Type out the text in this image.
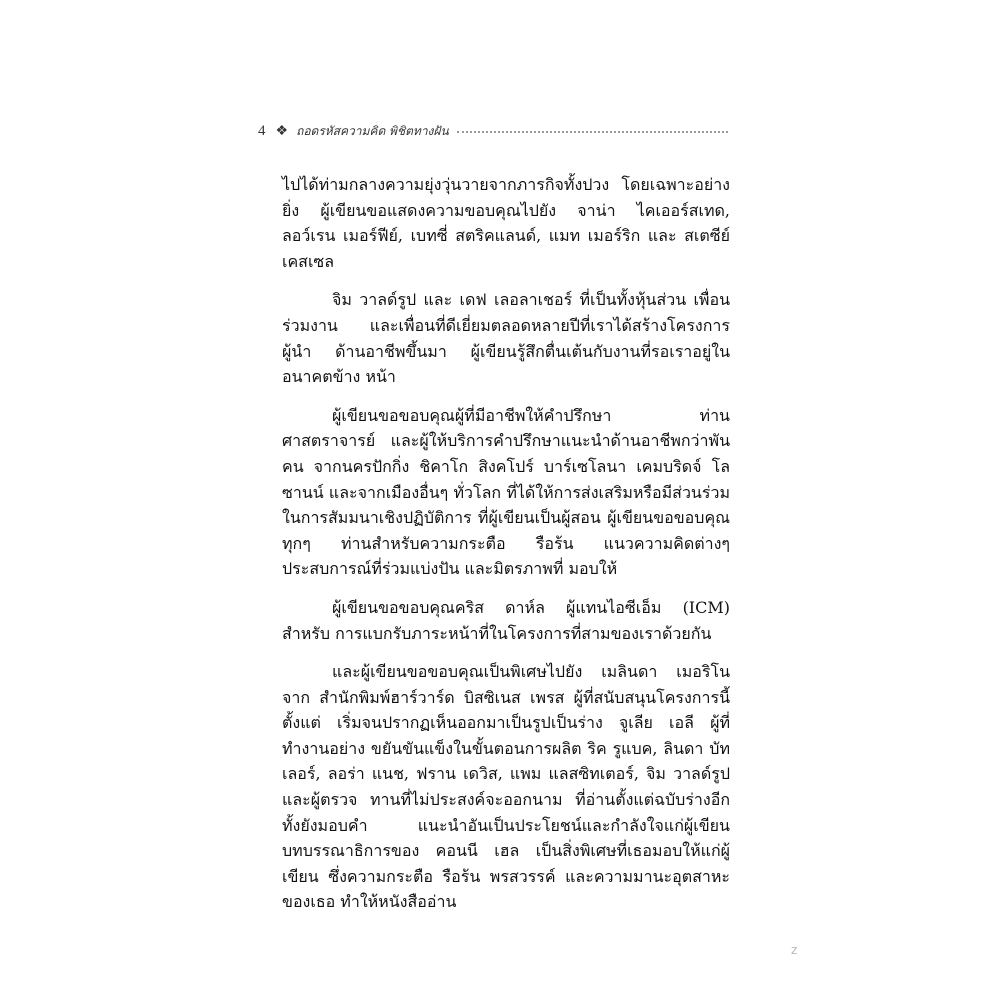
4 ❖ ถอดรหัสความคิด พิชิตทางฝัน

ไปได้ท่ามกลางความยุ่งวุ่นวายจากภารกิจทั้งปวง โดยเฉพาะอย่างยิ่ง ผู้เขียนขอแสดงความขอบคุณไปยัง จาน่า ไคเออร์สเทด, ลอว์เรน เมอร์ฟีย์, เบทซี่ สตริคแลนด์, แมท เมอร์ริก และ สเตซีย์ เคสเซล

จิม วาลด์รูป และ เดฟ เลอลาเชอร์ ที่เป็นทั้งหุ้นส่วน เพื่อน ร่วมงาน และเพื่อนที่ดีเยี่ยมตลอดหลายปีที่เราได้สร้างโครงการผู้นำ ด้านอาชีพขึ้นมา ผู้เขียนรู้สึกตื่นเต้นกับงานที่รอเราอยู่ในอนาคตข้าง หน้า

ผู้เขียนขอขอบคุณผู้ที่มีอาชีพให้คำปรึกษา ท่านศาสตราจารย์ และผู้ให้บริการคำปรึกษาแนะนำด้านอาชีพกว่าพันคน จากนครปักกิ่ง ชิคาโก สิงคโปร์ บาร์เซโลนา เคมบริดจ์ โลซานน์ และจากเมืองอื่นๆ ทั่วโลก ที่ได้ให้การส่งเสริมหรือมีส่วนร่วมในการสัมมนาเชิงปฏิบัติการ ที่ผู้เขียนเป็นผู้สอน ผู้เขียนขอขอบคุณทุกๆ ท่านสำหรับความกระตือ รือร้น แนวความคิดต่างๆ ประสบการณ์ที่ร่วมแบ่งปัน และมิตรภาพที่ มอบให้

ผู้เขียนขอขอบคุณคริส ดาห์ล ผู้แทนไอซีเอ็ม (ICM) สำหรับ การแบกรับภาระหน้าที่ในโครงการที่สามของเราด้วยกัน

และผู้เขียนขอขอบคุณเป็นพิเศษไปยัง เมลินดา เมอริโน จาก สำนักพิมพ์ฮาร์วาร์ด บิสซิเนส เพรส ผู้ที่สนับสนุนโครงการนี้ตั้งแต่ เริ่มจนปรากฏเห็นออกมาเป็นรูปเป็นร่าง จูเลีย เอลี ผู้ที่ทำงานอย่าง ขยันขันแข็งในขั้นตอนการผลิต ริค รูแบค, ลินดา บัทเลอร์, ลอร่า แนช, ฟราน เดวิส, แพม แลสซิทเตอร์, จิม วาลด์รูป และผู้ตรวจ ทานที่ไม่ประสงค์จะออกนาม ที่อ่านตั้งแต่ฉบับร่างอีกทั้งยังมอบคำ แนะนำอันเป็นประโยชน์และกำลังใจแก่ผู้เขียน บทบรรณาธิการของ คอนนี เฮล เป็นสิ่งพิเศษที่เธอมอบให้แก่ผู้เขียน ซึ่งความกระตือ รือร้น พรสวรรค์ และความมานะอุตสาหะของเธอ ทำให้หนังสืออ่าน

z
